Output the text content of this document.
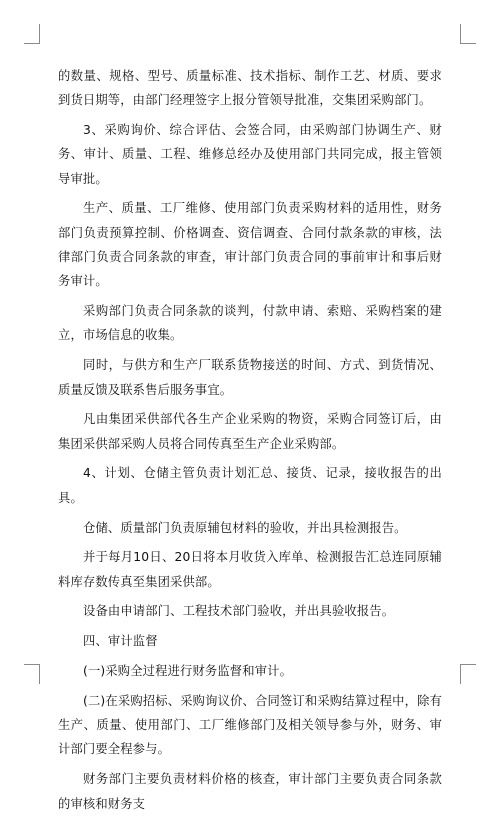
的数量、规格、型号、质量标准、技术指标、制作工艺、材质、要求到货日期等，由部门经理签字上报分管领导批准，交集团采购部门。

3、采购询价、综合评估、会签合同，由采购部门协调生产、财务、审计、质量、工程、维修总经办及使用部门共同完成，报主管领导审批。

生产、质量、工厂维修、使用部门负责采购材料的适用性，财务部门负责预算控制、价格调查、资信调查、合同付款条款的审核，法律部门负责合同条款的审查，审计部门负责合同的事前审计和事后财务审计。

采购部门负责合同条款的谈判，付款申请、索赔、采购档案的建立，市场信息的收集。

同时，与供方和生产厂联系货物接送的时间、方式、到货情况、质量反馈及联系售后服务事宜。

凡由集团采供部代各生产企业采购的物资，采购合同签订后，由集团采供部采购人员将合同传真至生产企业采购部。

4、计划、仓储主管负责计划汇总、接货、记录，接收报告的出具。

仓储、质量部门负责原辅包材料的验收，并出具检测报告。

并于每月10日、20日将本月收货入库单、检测报告汇总连同原辅料库存数传真至集团采供部。

设备由申请部门、工程技术部门验收，并出具验收报告。

四、审计监督

(一)采购全过程进行财务监督和审计。

(二)在采购招标、采购询议价、合同签订和采购结算过程中，除有生产、质量、使用部门、工厂维修部门及相关领导参与外，财务、审计部门要全程参与。

财务部门主要负责材料价格的核查，审计部门主要负责合同条款的审核和财务支
